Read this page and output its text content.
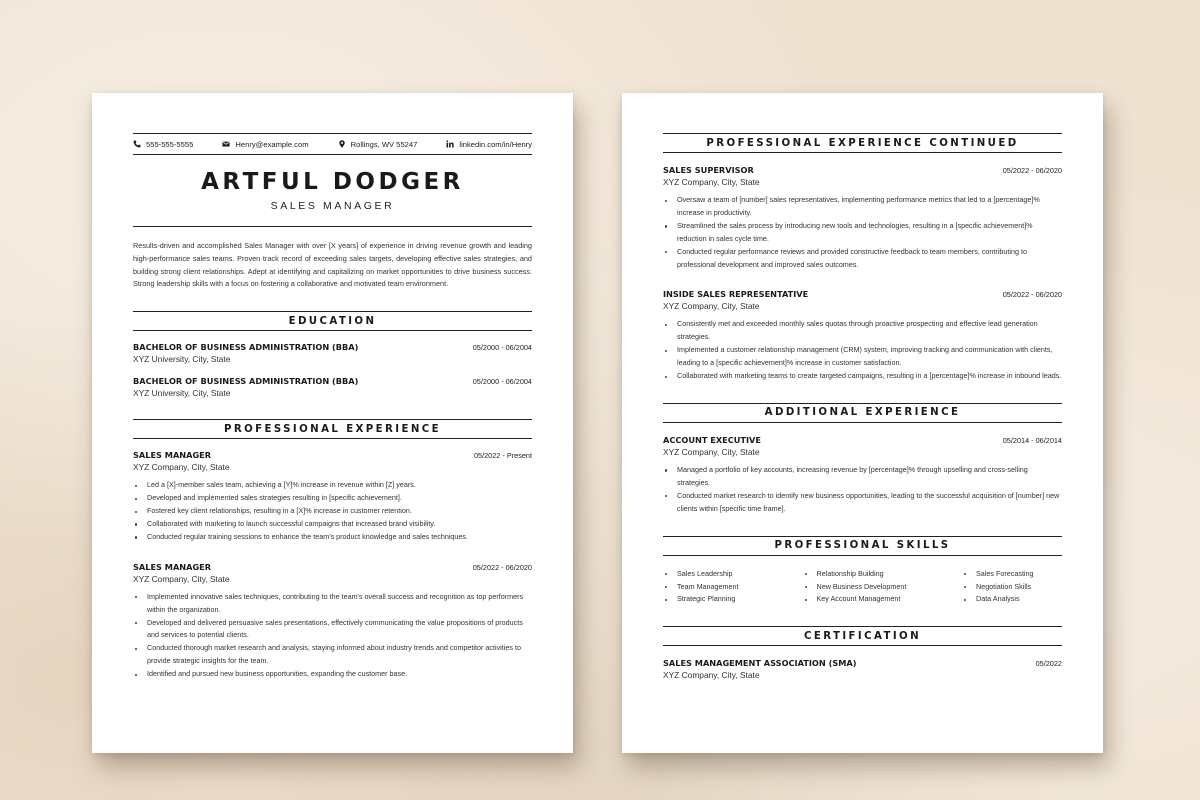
555-555-5555	Henry@example.com	Rollings, WV 55247	linkedin.com/in/Henry
ARTFUL DODGER
SALES MANAGER
Results-driven and accomplished Sales Manager with over [X years] of experience in driving revenue growth and leading high-performance sales teams. Proven track record of exceeding sales targets, developing effective sales strategies, and building strong client relationships. Adept at identifying and capitalizing on market opportunities to drive business success. Strong leadership skills with a focus on fostering a collaborative and motivated team environment.
EDUCATION
BACHELOR OF BUSINESS ADMINISTRATION (BBA)	05/2000 - 06/2004
XYZ University, City, State
BACHELOR OF BUSINESS ADMINISTRATION (BBA)	05/2000 - 06/2004
XYZ University, City, State
PROFESSIONAL EXPERIENCE
SALES MANAGER	05/2022 - Present
XYZ Company, City, State
Led a [X]-member sales team, achieving a [Y]% increase in revenue within [Z] years.
Developed and implemented sales strategies resulting in [specific achievement].
Fostered key client relationships, resulting in a [X]% increase in customer retention.
Collaborated with marketing to launch successful campaigns that increased brand visibility.
Conducted regular training sessions to enhance the team's product knowledge and sales techniques.
SALES MANAGER	05/2022 - 06/2020
XYZ Company, City, State
Implemented innovative sales techniques, contributing to the team's overall success and recognition as top performers within the organization.
Developed and delivered persuasive sales presentations, effectively communicating the value propositions of products and services to potential clients.
Conducted thorough market research and analysis, staying informed about industry trends and competitor activities to provide strategic insights for the team.
Identified and pursued new business opportunities, expanding the customer base.
PROFESSIONAL EXPERIENCE CONTINUED
SALES SUPERVISOR	05/2022 - 06/2020
XYZ Company, City, State
Oversaw a team of [number] sales representatives, implementing performance metrics that led to a [percentage]% increase in productivity.
Streamlined the sales process by introducing new tools and technologies, resulting in a [specific achievement]% reduction in sales cycle time.
Conducted regular performance reviews and provided constructive feedback to team members, contributing to professional development and improved sales outcomes.
INSIDE SALES REPRESENTATIVE	05/2022 - 06/2020
XYZ Company, City, State
Consistently met and exceeded monthly sales quotas through proactive prospecting and effective lead generation strategies.
Implemented a customer relationship management (CRM) system, improving tracking and communication with clients, leading to a [specific achievement]% increase in customer satisfaction.
Collaborated with marketing teams to create targeted campaigns, resulting in a [percentage]% increase in inbound leads.
ADDITIONAL EXPERIENCE
ACCOUNT EXECUTIVE	05/2014 - 06/2014
XYZ Company, City, State
Managed a portfolio of key accounts, increasing revenue by [percentage]% through upselling and cross-selling strategies.
Conducted market research to identify new business opportunities, leading to the successful acquisition of [number] new clients within [specific time frame].
PROFESSIONAL SKILLS
Sales Leadership
Team Management
Strategic Planning
Relationship Building
New Business Development
Key Account Management
Sales Forecasting
Negotiation Skills
Data Analysis
CERTIFICATION
SALES MANAGEMENT ASSOCIATION (SMA)	05/2022
XYZ Company, City, State
